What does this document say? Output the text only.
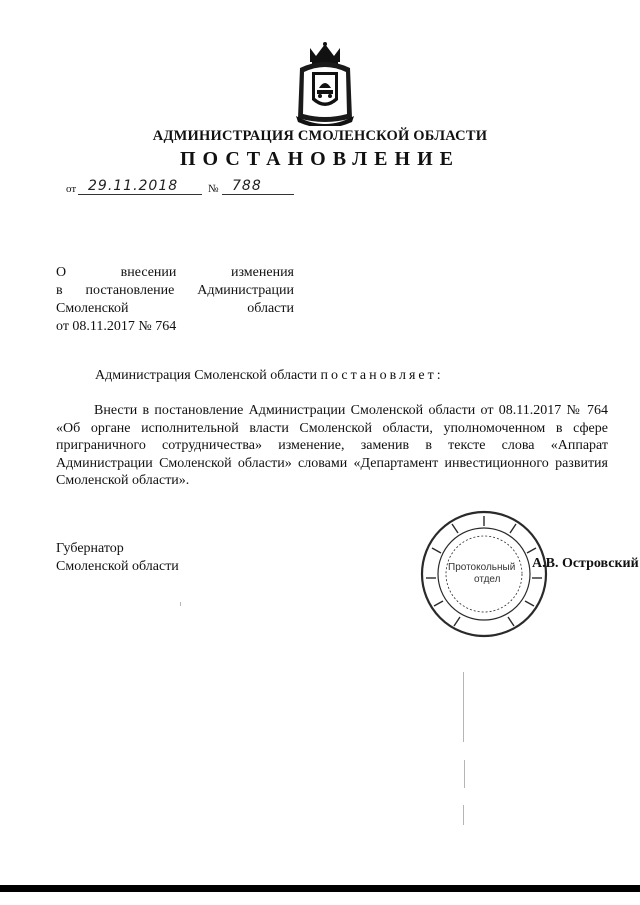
АДМИНИСТРАЦИЯ СМОЛЕНСКОЙ ОБЛАСТИ
ПОСТАНОВЛЕНИЕ
от 29.11.2018	№ 788
О	внесении	изменения
в постановление Администрации
Смоленской	области
от 08.11.2017 № 764
Администрация Смоленской области постановляет:

Внести в постановление Администрации Смоленской области от 08.11.2017 № 764 «Об органе исполнительной власти Смоленской области, уполномоченном в сфере приграничного сотрудничества» изменение, заменив в тексте слова «Аппарат Администрации Смоленской области» словами «Департамент инвестиционного развития Смоленской области».

Губернатор
Смоленской области	Протокольный
отдел
А.В. Островский
